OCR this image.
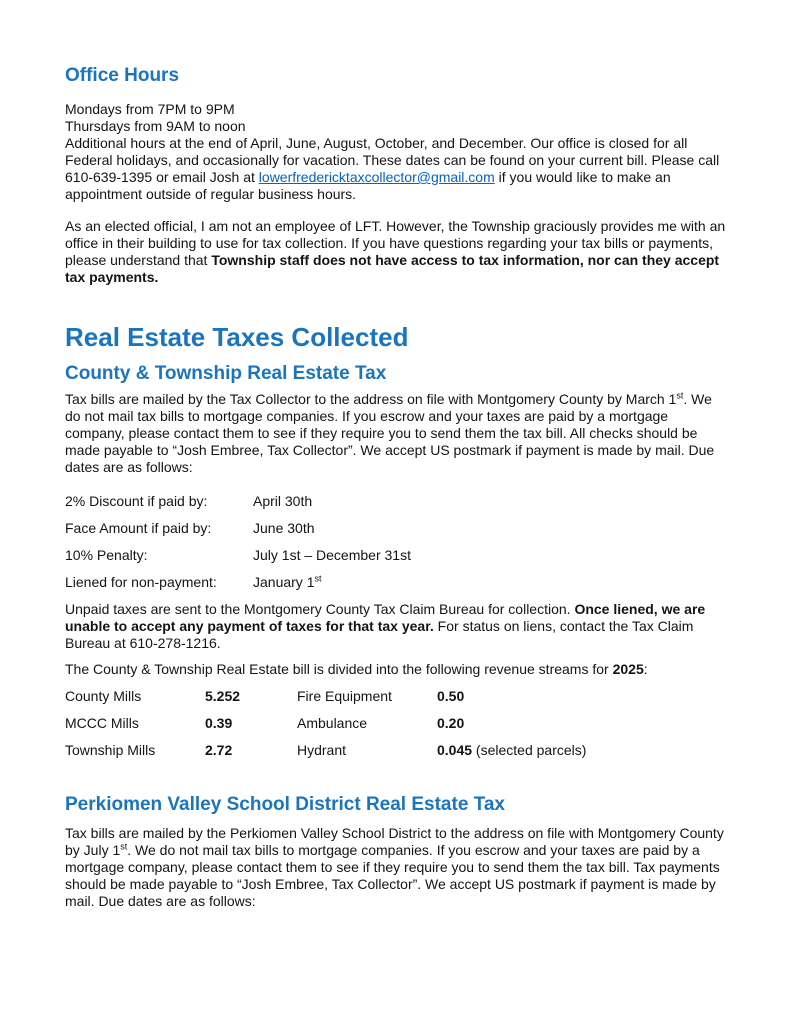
Office Hours
Mondays from 7PM to 9PM
Thursdays from 9AM to noon
Additional hours at the end of April, June, August, October, and December. Our office is closed for all Federal holidays, and occasionally for vacation. These dates can be found on your current bill. Please call 610-639-1395 or email Josh at lowerfredericktaxcollector@gmail.com if you would like to make an appointment outside of regular business hours.

As an elected official, I am not an employee of LFT. However, the Township graciously provides me with an office in their building to use for tax collection. If you have questions regarding your tax bills or payments, please understand that Township staff does not have access to tax information, nor can they accept tax payments.

Real Estate Taxes Collected
County & Township Real Estate Tax

Tax bills are mailed by the Tax Collector to the address on file with Montgomery County by March 1st. We do not mail tax bills to mortgage companies. If you escrow and your taxes are paid by a mortgage company, please contact them to see if they require you to send them the tax bill. All checks should be made payable to “Josh Embree, Tax Collector”. We accept US postmark if payment is made by mail. Due dates are as follows:

2% Discount if paid by:	April 30th
Face Amount if paid by:	June 30th
10% Penalty:	July 1st – December 31st
Liened for non-payment:	January 1st

Unpaid taxes are sent to the Montgomery County Tax Claim Bureau for collection. Once liened, we are unable to accept any payment of taxes for that tax year. For status on liens, contact the Tax Claim Bureau at 610-278-1216.

The County & Township Real Estate bill is divided into the following revenue streams for 2025:

County Mills	5.252	Fire Equipment	0.50
MCCC Mills	0.39	Ambulance	0.20
Township Mills	2.72	Hydrant	0.045 (selected parcels)
Perkiomen Valley School District Real Estate Tax

Tax bills are mailed by the Perkiomen Valley School District to the address on file with Montgomery County by July 1st. We do not mail tax bills to mortgage companies. If you escrow and your taxes are paid by a mortgage company, please contact them to see if they require you to send them the tax bill. Tax payments should be made payable to “Josh Embree, Tax Collector”. We accept US postmark if payment is made by mail. Due dates are as follows:
